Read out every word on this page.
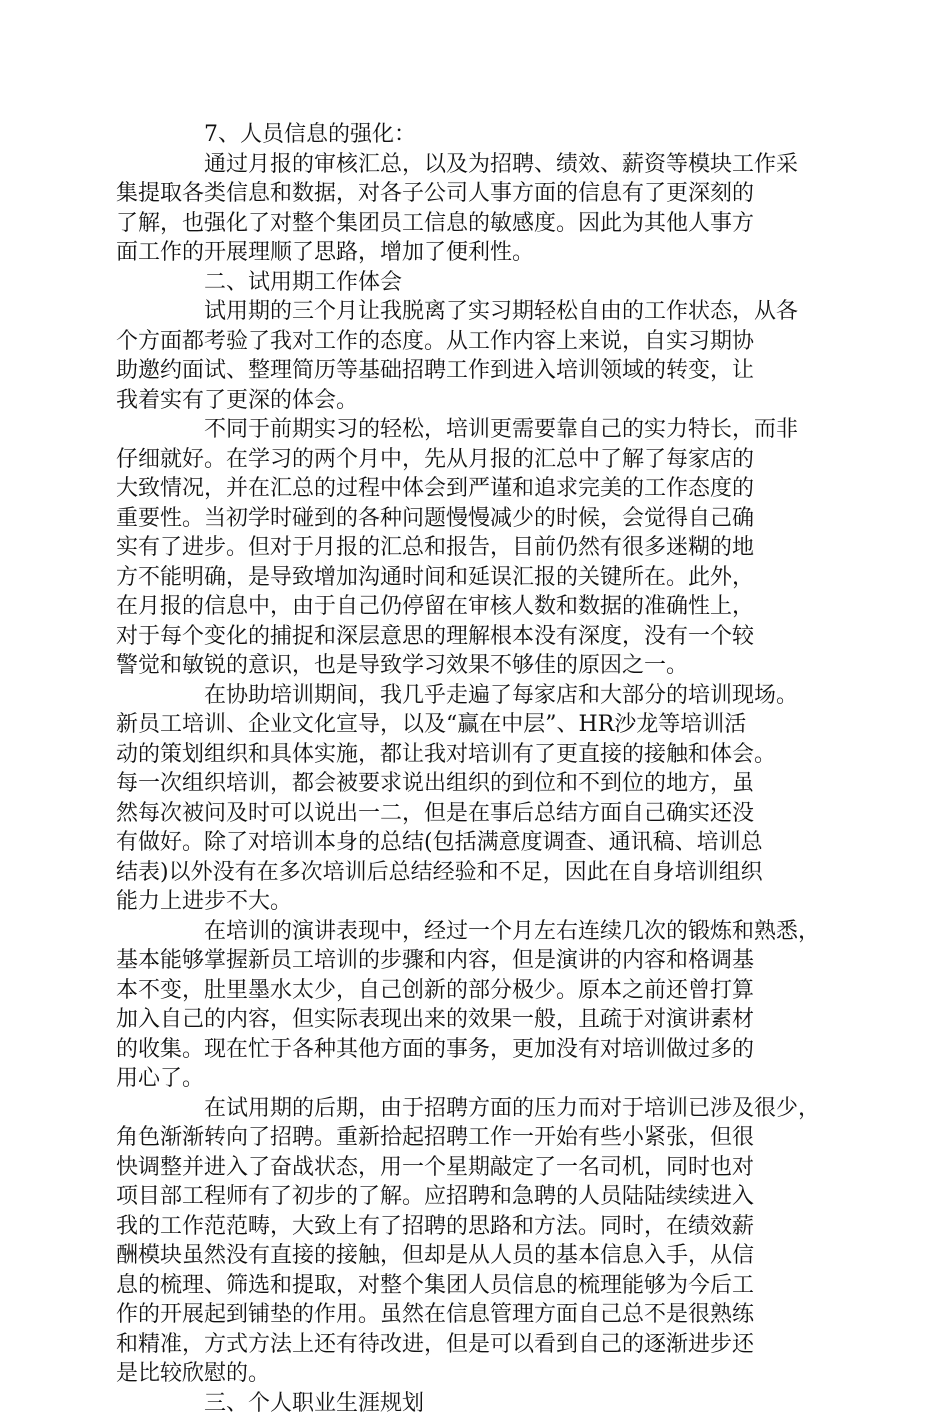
7、人员信息的强化：
通过月报的审核汇总，以及为招聘、绩效、薪资等模块工作采
集提取各类信息和数据，对各子公司人事方面的信息有了更深刻的
了解，也强化了对整个集团员工信息的敏感度。因此为其他人事方
面工作的开展理顺了思路，增加了便利性。
二、试用期工作体会
试用期的三个月让我脱离了实习期轻松自由的工作状态，从各
个方面都考验了我对工作的态度。从工作内容上来说，自实习期协
助邀约面试、整理简历等基础招聘工作到进入培训领域的转变，让
我着实有了更深的体会。
不同于前期实习的轻松，培训更需要靠自己的实力特长，而非
仔细就好。在学习的两个月中，先从月报的汇总中了解了每家店的
大致情况，并在汇总的过程中体会到严谨和追求完美的工作态度的
重要性。当初学时碰到的各种问题慢慢减少的时候，会觉得自己确
实有了进步。但对于月报的汇总和报告，目前仍然有很多迷糊的地
方不能明确，是导致增加沟通时间和延误汇报的关键所在。此外，
在月报的信息中，由于自己仍停留在审核人数和数据的准确性上，
对于每个变化的捕捉和深层意思的理解根本没有深度，没有一个较
警觉和敏锐的意识，也是导致学习效果不够佳的原因之一。
在协助培训期间，我几乎走遍了每家店和大部分的培训现场。
新员工培训、企业文化宣导，以及“赢在中层”、HR沙龙等培训活
动的策划组织和具体实施，都让我对培训有了更直接的接触和体会。
每一次组织培训，都会被要求说出组织的到位和不到位的地方，虽
然每次被问及时可以说出一二，但是在事后总结方面自己确实还没
有做好。除了对培训本身的总结(包括满意度调查、通讯稿、培训总
结表)以外没有在多次培训后总结经验和不足，因此在自身培训组织
能力上进步不大。
在培训的演讲表现中，经过一个月左右连续几次的锻炼和熟悉，
基本能够掌握新员工培训的步骤和内容，但是演讲的内容和格调基
本不变，肚里墨水太少，自己创新的部分极少。原本之前还曾打算
加入自己的内容，但实际表现出来的效果一般，且疏于对演讲素材
的收集。现在忙于各种其他方面的事务，更加没有对培训做过多的
用心了。
在试用期的后期，由于招聘方面的压力而对于培训已涉及很少，
角色渐渐转向了招聘。重新拾起招聘工作一开始有些小紧张，但很
快调整并进入了奋战状态，用一个星期敲定了一名司机，同时也对
项目部工程师有了初步的了解。应招聘和急聘的人员陆陆续续进入
我的工作范范畴，大致上有了招聘的思路和方法。同时，在绩效薪
酬模块虽然没有直接的接触，但却是从人员的基本信息入手，从信
息的梳理、筛选和提取，对整个集团人员信息的梳理能够为今后工
作的开展起到铺垫的作用。虽然在信息管理方面自己总不是很熟练
和精准，方式方法上还有待改进，但是可以看到自己的逐渐进步还
是比较欣慰的。
三、个人职业生涯规划
